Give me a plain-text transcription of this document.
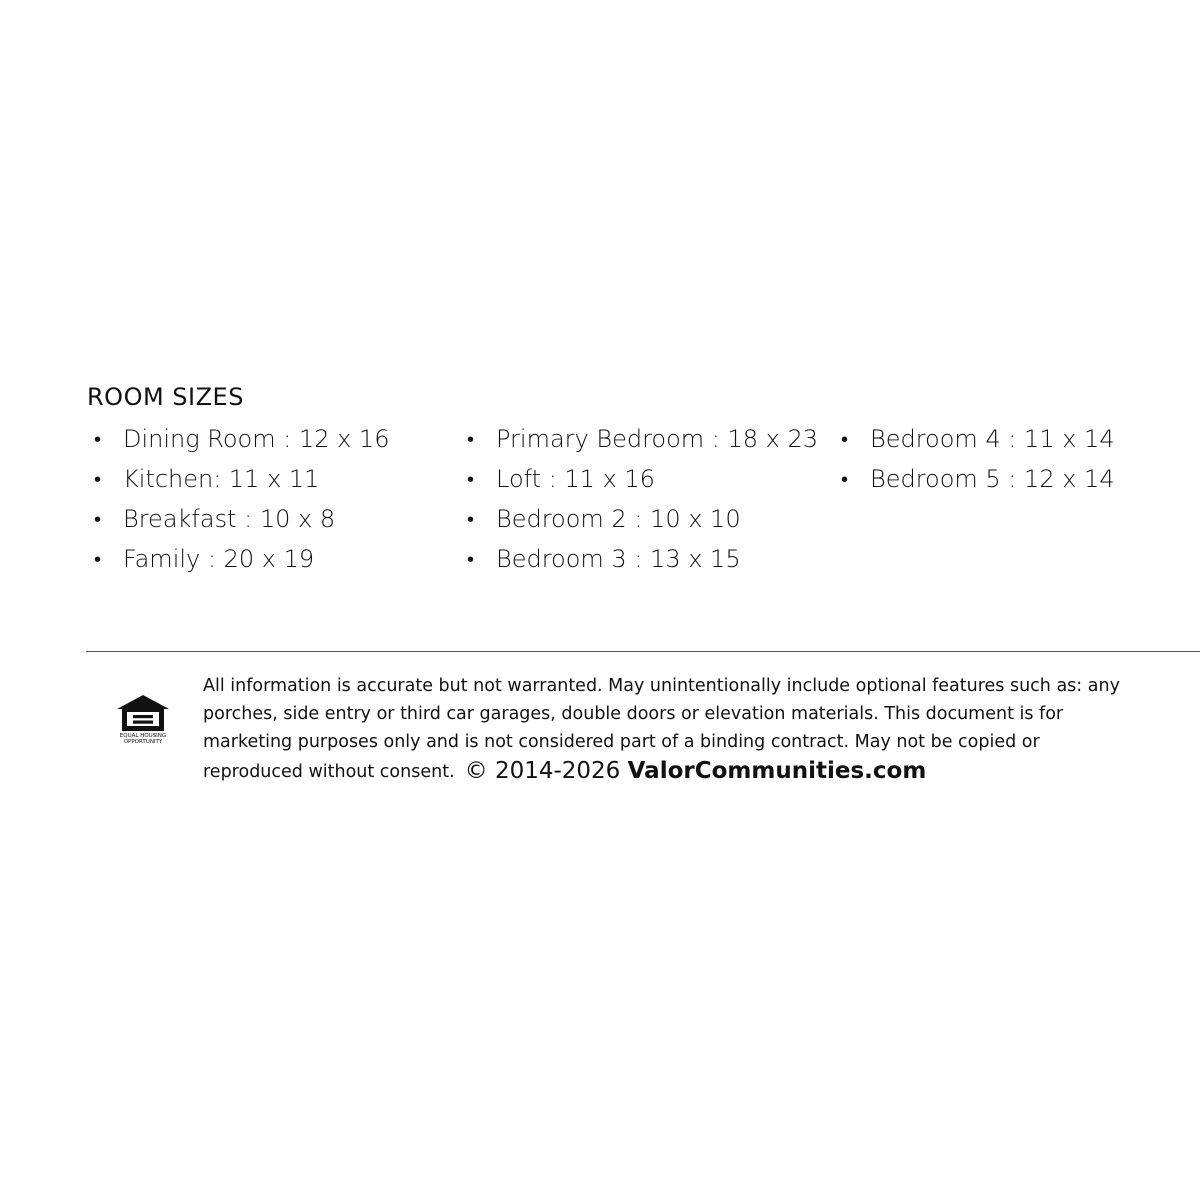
ROOM SIZES
• Dining Room : 12 x 16
• Kitchen: 11 x 11
• Breakfast : 10 x 8
• Family : 20 x 19
• Primary Bedroom : 18 x 23
• Loft : 11 x 16
• Bedroom 2 : 10 x 10
• Bedroom 3 : 13 x 15
• Bedroom 4 : 11 x 14
• Bedroom 5 : 12 x 14
EQUAL HOUSING
OPPORTUNITY

All information is accurate but not warranted. May unintentionally include optional features such as: any porches, side entry or third car garages, double doors or elevation materials. This document is for marketing purposes only and is not considered part of a binding contract. May not be copied or reproduced without consent. © 2014-2026 ValorCommunities.com
